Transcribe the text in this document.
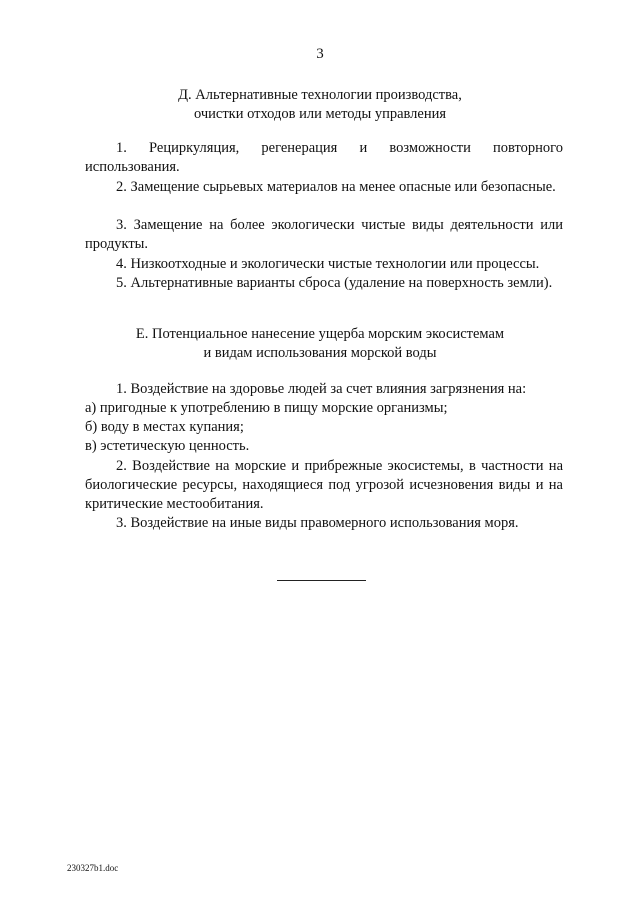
3
Д. Альтернативные технологии производства,
очистки отходов или методы управления
1. Рециркуляция, регенерация и возможности повторного использования.
2. Замещение сырьевых материалов на менее опасные или безопасные.
3. Замещение на более экологически чистые виды деятельности или продукты.
4. Низкоотходные и экологически чистые технологии или процессы.
5. Альтернативные варианты сброса (удаление на поверхность земли).
Е. Потенциальное нанесение ущерба морским экосистемам
и видам использования морской воды
1. Воздействие на здоровье людей за счет влияния загрязнения на:
а) пригодные к употреблению в пищу морские организмы;
б) воду в местах купания;
в) эстетическую ценность.
2. Воздействие на морские и прибрежные экосистемы, в частности на биологические ресурсы, находящиеся под угрозой исчезновения виды и на критические местообитания.
3. Воздействие на иные виды правомерного использования моря.
230327b1.doc
